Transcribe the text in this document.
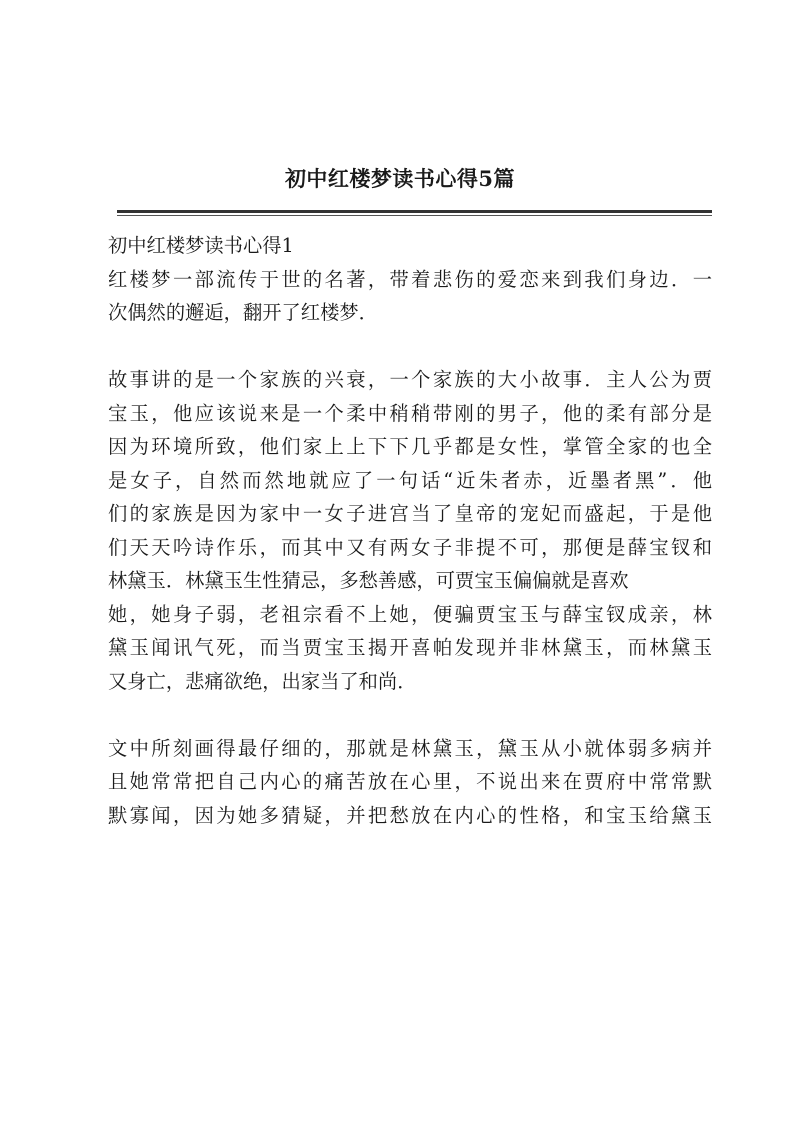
初中红楼梦读书心得5篇
初中红楼梦读书心得1
红楼梦一部流传于世的名著，带着悲伤的爱恋来到我们身边．一
次偶然的邂逅，翻开了红楼梦．
故事讲的是一个家族的兴衰，一个家族的大小故事．主人公为贾
宝玉，他应该说来是一个柔中稍稍带刚的男子，他的柔有部分是
因为环境所致，他们家上上下下几乎都是女性，掌管全家的也全
是女子，自然而然地就应了一句话“近朱者赤，近墨者黑”．他
们的家族是因为家中一女子进宫当了皇帝的宠妃而盛起，于是他
们天天吟诗作乐，而其中又有两女子非提不可，那便是薛宝钗和
林黛玉．林黛玉生性猜忌，多愁善感，可贾宝玉偏偏就是喜欢
她，她身子弱，老祖宗看不上她，便骗贾宝玉与薛宝钗成亲，林
黛玉闻讯气死，而当贾宝玉揭开喜帕发现并非林黛玉，而林黛玉
又身亡，悲痛欲绝，出家当了和尚．
文中所刻画得最仔细的，那就是林黛玉，黛玉从小就体弱多病并
且她常常把自己内心的痛苦放在心里，不说出来在贾府中常常默
默寡闻，因为她多猜疑，并把愁放在内心的性格，和宝玉给黛玉
